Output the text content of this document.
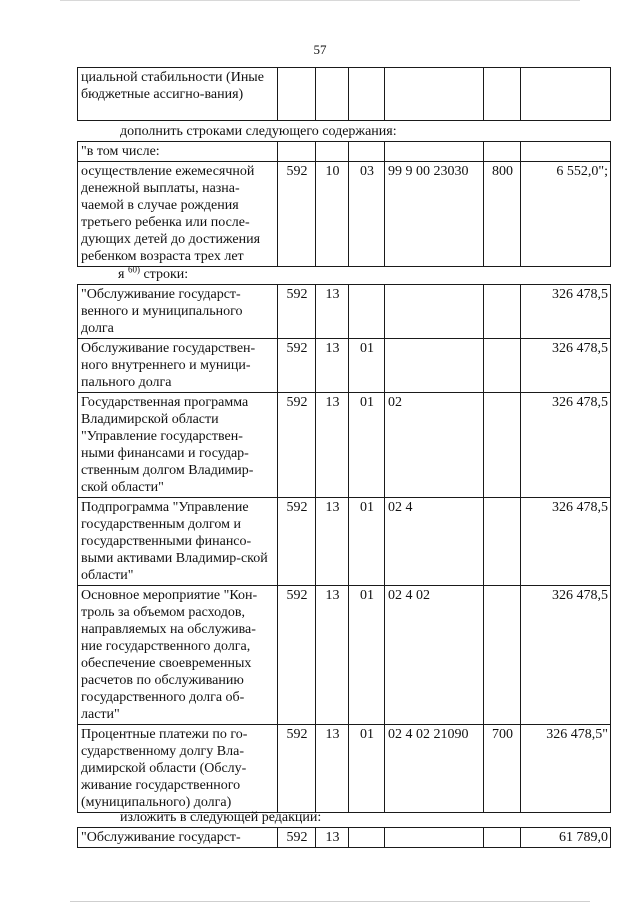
57
циальной стабильности (Иные бюджетные ассигно-вания)						
дополнить строками следующего содержания:
"в том числе:						
осуществление ежемесячной денежной выплаты, назна-чаемой в случае рождения третьего ребенка или после-дующих детей до достижения ребенком возраста трех лет	592	10	03	99 9 00 23030	800	6 552,0";
я $^{60)}$ строки:
"Обслуживание государст-венного и муниципального долга	592	13				326 478,5
Обслуживание государствен-ного внутреннего и муници-пального долга	592	13	01			326 478,5
Государственная программа Владимирской области "Управление государствен-ными финансами и государ-ственным долгом Владимир-ской области"	592	13	01	02		326 478,5
Подпрограмма "Управление государственным долгом и государственными финансо-выми активами Владимир-ской области"	592	13	01	02 4		326 478,5
Основное мероприятие "Кон-троль за объемом расходов, направляемых на обслужива-ние государственного долга, обеспечение своевременных расчетов по обслуживанию государственного долга об-ласти"	592	13	01	02 4 02		326 478,5
Процентные платежи по го-сударственному долгу Вла-димирской области (Обслу-живание государственного (муниципального) долга)	592	13	01	02 4 02 21090	700	326 478,5"
изложить в следующей редакции:
"Обслуживание государст-	592	13				61 789,0
